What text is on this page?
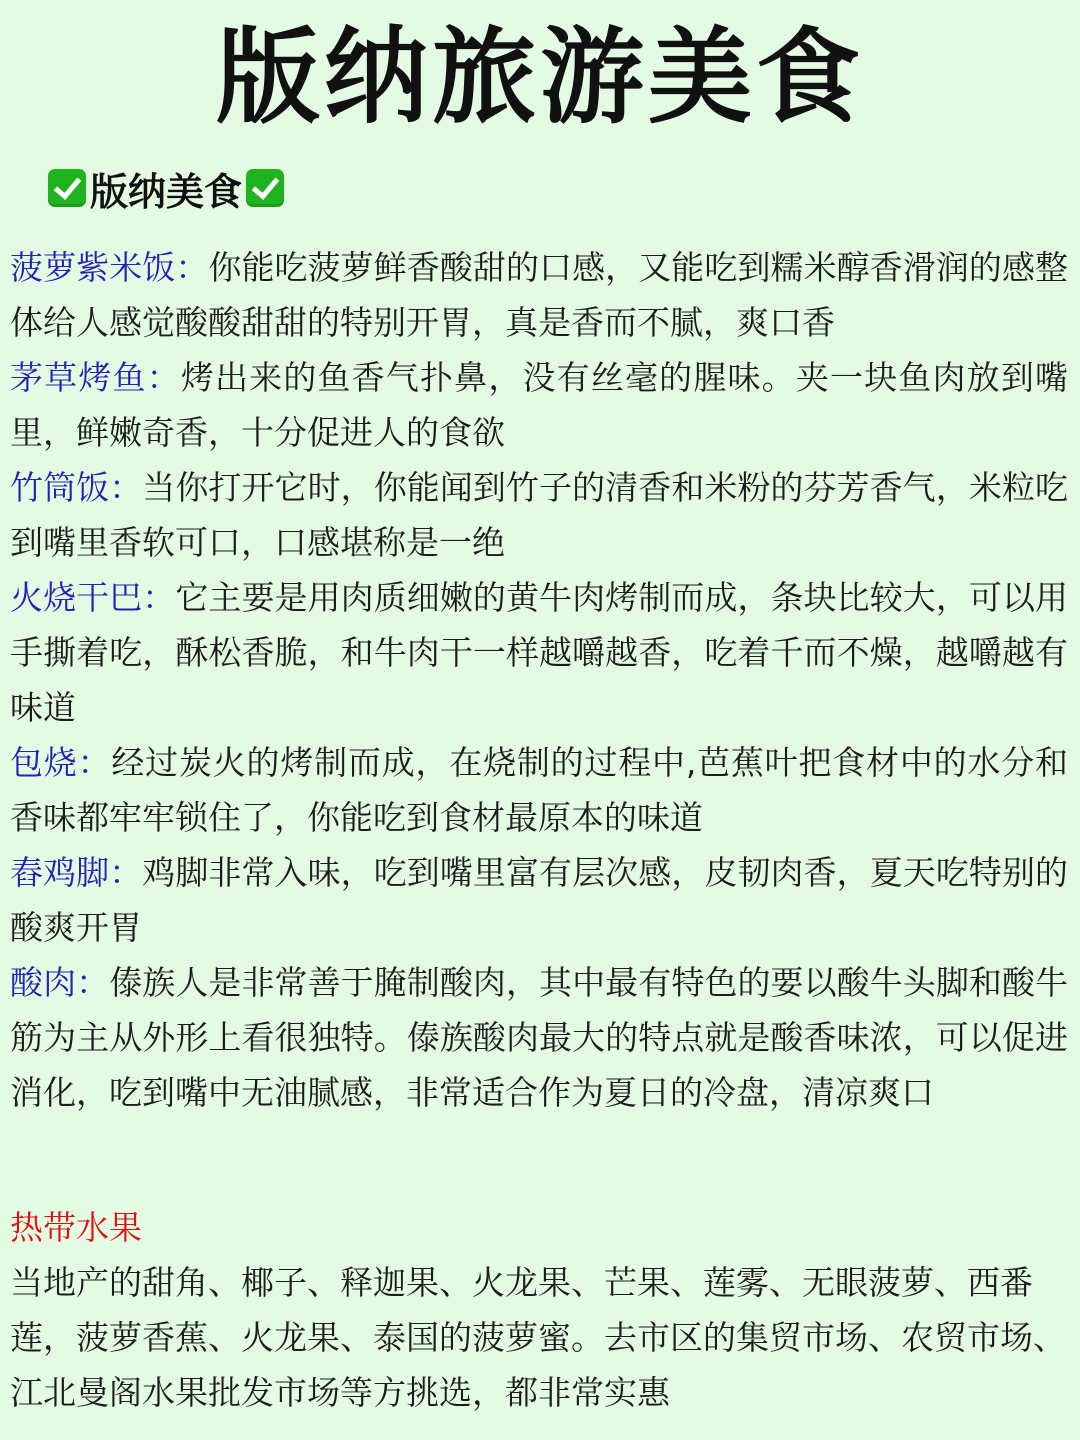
版纳旅游美食
版纳美食

菠萝紫米饭：你能吃菠萝鲜香酸甜的口感，又能吃到糯米醇香滑润的感整体给人感觉酸酸甜甜的特别开胃，真是香而不腻，爽口香

茅草烤鱼：烤出来的鱼香气扑鼻，没有丝毫的腥味。夹一块鱼肉放到嘴里，鲜嫩奇香，十分促进人的食欲

竹筒饭：当你打开它时，你能闻到竹子的清香和米粉的芬芳香气，米粒吃到嘴里香软可口，口感堪称是一绝

火烧干巴：它主要是用肉质细嫩的黄牛肉烤制而成，条块比较大，可以用手撕着吃，酥松香脆，和牛肉干一样越嚼越香，吃着千而不燥，越嚼越有味道

包烧：经过炭火的烤制而成，在烧制的过程中,芭蕉叶把食材中的水分和香味都牢牢锁住了，你能吃到食材最原本的味道

舂鸡脚：鸡脚非常入味，吃到嘴里富有层次感，皮韧肉香，夏天吃特别的酸爽开胃

酸肉：傣族人是非常善于腌制酸肉，其中最有特色的要以酸牛头脚和酸牛筋为主从外形上看很独特。傣族酸肉最大的特点就是酸香味浓，可以促进消化，吃到嘴中无油腻感，非常适合作为夏日的冷盘，清凉爽口

热带水果

当地产的甜角、椰子、释迦果、火龙果、芒果、莲雾、无眼菠萝、西番莲，菠萝香蕉、火龙果、泰国的菠萝蜜。去市区的集贸市场、农贸市场、江北曼阁水果批发市场等方挑选，都非常实惠
